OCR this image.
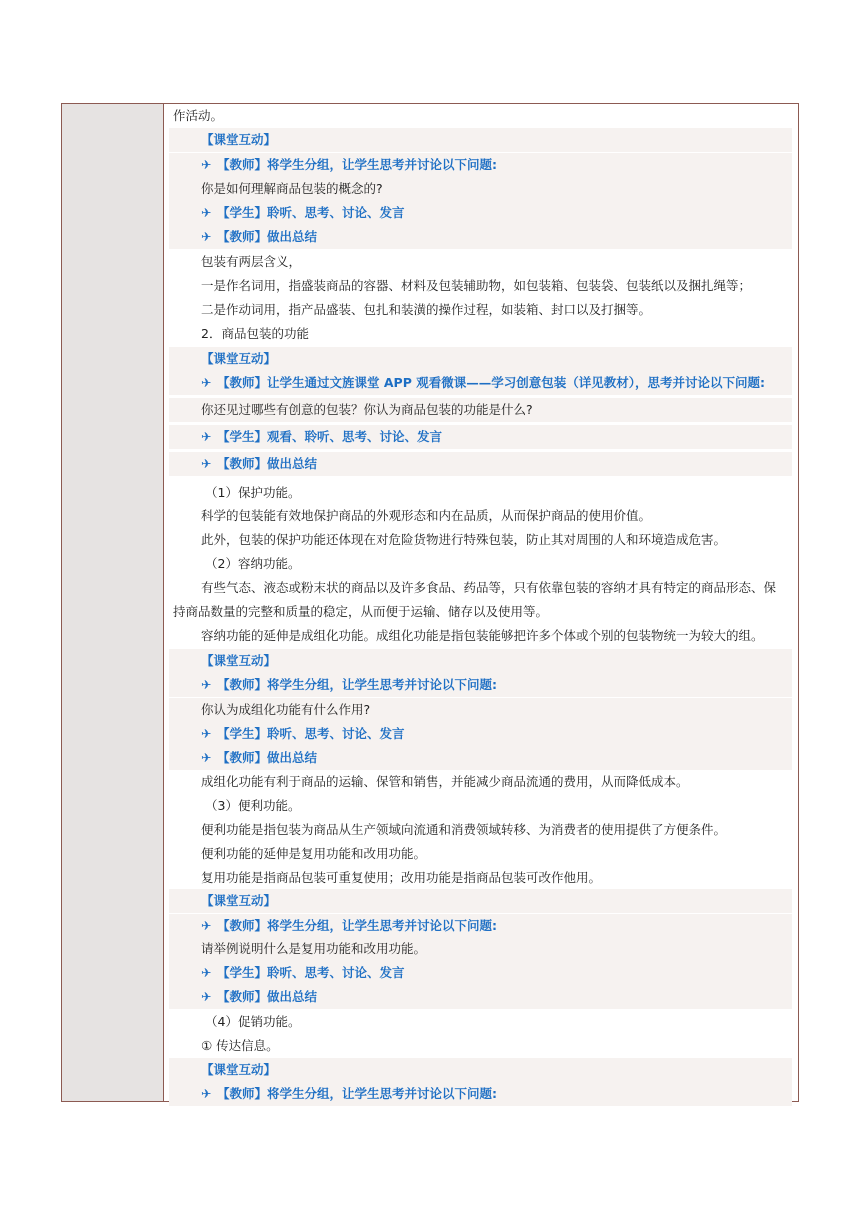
作活动。
【课堂互动】
✈ 【教师】将学生分组，让学生思考并讨论以下问题:
你是如何理解商品包装的概念的?
✈ 【学生】聆听、思考、讨论、发言
✈ 【教师】做出总结
包装有两层含义，
一是作名词用，指盛装商品的容器、材料及包装辅助物，如包装箱、包装袋、包装纸以及捆扎绳等；
二是作动词用，指产品盛装、包扎和装潢的操作过程，如装箱、封口以及打捆等。
2．商品包装的功能
【课堂互动】
✈ 【教师】让学生通过文旌课堂 APP 观看微课——学习创意包装（详见教材），思考并讨论以下问题:
你还见过哪些有创意的包装？你认为商品包装的功能是什么?
✈ 【学生】观看、聆听、思考、讨论、发言
✈ 【教师】做出总结
（1）保护功能。
科学的包装能有效地保护商品的外观形态和内在品质，从而保护商品的使用价值。
此外，包装的保护功能还体现在对危险货物进行特殊包装，防止其对周围的人和环境造成危害。
（2）容纳功能。
有些气态、液态或粉末状的商品以及许多食品、药品等，只有依靠包装的容纳才具有特定的商品形态、保
持商品数量的完整和质量的稳定，从而便于运输、储存以及使用等。
容纳功能的延伸是成组化功能。成组化功能是指包装能够把许多个体或个别的包装物统一为较大的组。
【课堂互动】
✈ 【教师】将学生分组，让学生思考并讨论以下问题:
你认为成组化功能有什么作用?
✈ 【学生】聆听、思考、讨论、发言
✈ 【教师】做出总结
成组化功能有利于商品的运输、保管和销售，并能减少商品流通的费用，从而降低成本。
（3）便利功能。
便利功能是指包装为商品从生产领域向流通和消费领域转移、为消费者的使用提供了方便条件。
便利功能的延伸是复用功能和改用功能。
复用功能是指商品包装可重复使用；改用功能是指商品包装可改作他用。
【课堂互动】
✈ 【教师】将学生分组，让学生思考并讨论以下问题:
请举例说明什么是复用功能和改用功能。
✈ 【学生】聆听、思考、讨论、发言
✈ 【教师】做出总结
（4）促销功能。
① 传达信息。
【课堂互动】
✈ 【教师】将学生分组，让学生思考并讨论以下问题:
